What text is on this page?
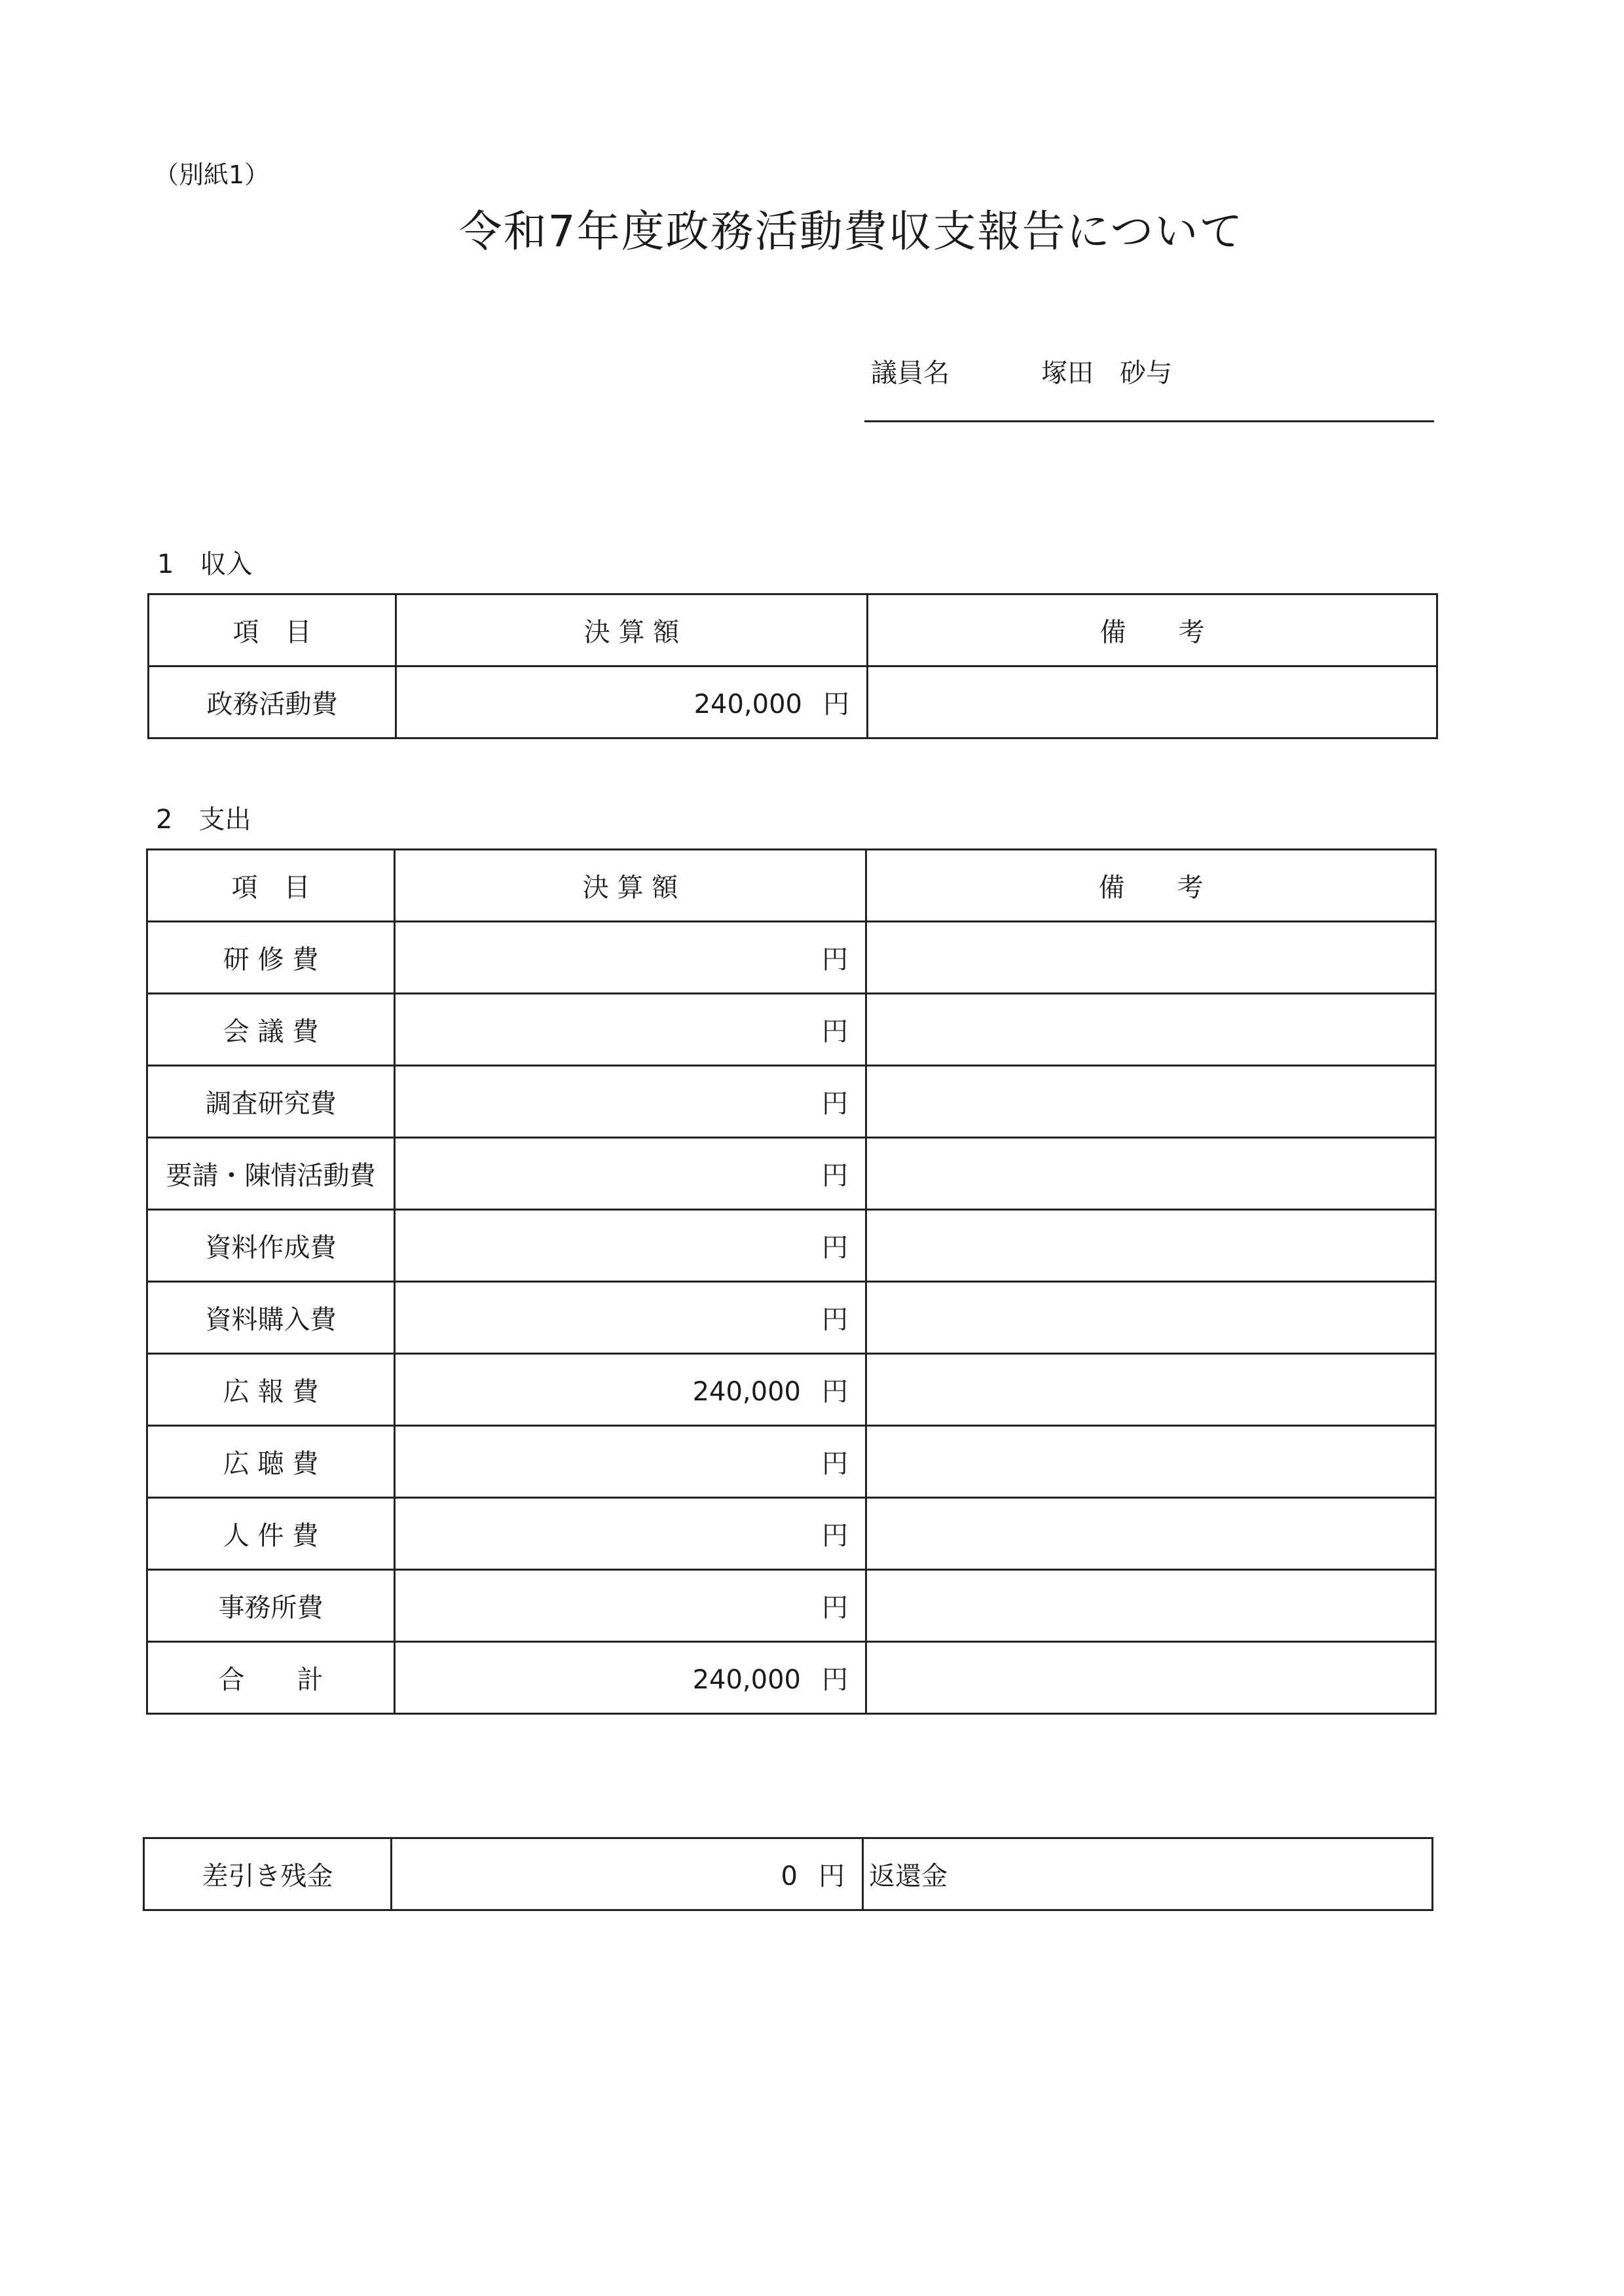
（別紙1）
令和7年度政務活動費収支報告について
議員名	塚田　砂与
1　収入
項　目	決 算 額	備　　考
政務活動費	240,000 円	
2　支出
項　目	決 算 額	備　　考
研 修 費	円	
会 議 費	円	
調査研究費	円	
要請・陳情活動費	円	
資料作成費	円	
資料購入費	円	
広 報 費	240,000 円	
広 聴 費	円	
人 件 費	円	
事務所費	円	
合　　計	240,000 円	
差引き残金	0 円	返還金
